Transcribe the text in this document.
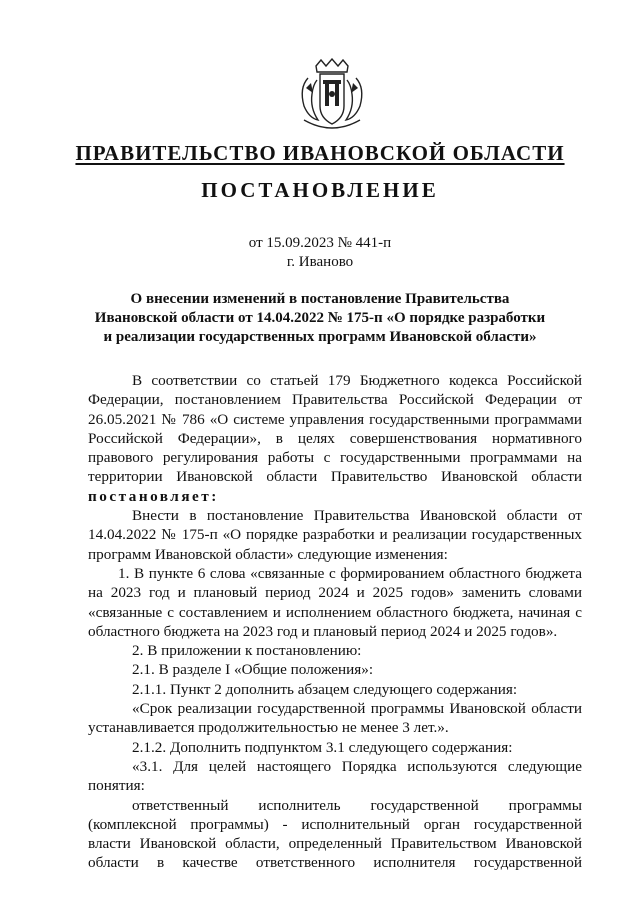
ПРАВИТЕЛЬСТВО ИВАНОВСКОЙ ОБЛАСТИ
ПОСТАНОВЛЕНИЕ
от 15.09.2023 № 441-п
г. Иваново
О внесении изменений в постановление Правительства
Ивановской области от 14.04.2022 № 175-п «О порядке разработки
и реализации государственных программ Ивановской области»
В соответствии со статьей 179 Бюджетного кодекса Российской Федерации, постановлением Правительства Российской Федерации от 26.05.2021 № 786 «О системе управления государственными программами Российской Федерации», в целях совершенствования нормативного правового регулирования работы с государственными программами на территории Ивановской области Правительство Ивановской области постановляет:
Внести в постановление Правительства Ивановской области от 14.04.2022 № 175-п «О порядке разработки и реализации государственных программ Ивановской области» следующие изменения:
1. В пункте 6 слова «связанные с формированием областного бюджета на 2023 год и плановый период 2024 и 2025 годов» заменить словами «связанные с составлением и исполнением областного бюджета, начиная с областного бюджета на 2023 год и плановый период 2024 и 2025 годов».
2. В приложении к постановлению:
2.1. В разделе I «Общие положения»:
2.1.1. Пункт 2 дополнить абзацем следующего содержания:
«Срок реализации государственной программы Ивановской области устанавливается продолжительностью не менее 3 лет.».
2.1.2. Дополнить подпунктом 3.1 следующего содержания:
«3.1. Для целей настоящего Порядка используются следующие понятия:
ответственный исполнитель государственной программы
(комплексной программы) - исполнительный орган государственной
власти Ивановской области, определенный Правительством Ивановской
области в качестве ответственного исполнителя государственной
